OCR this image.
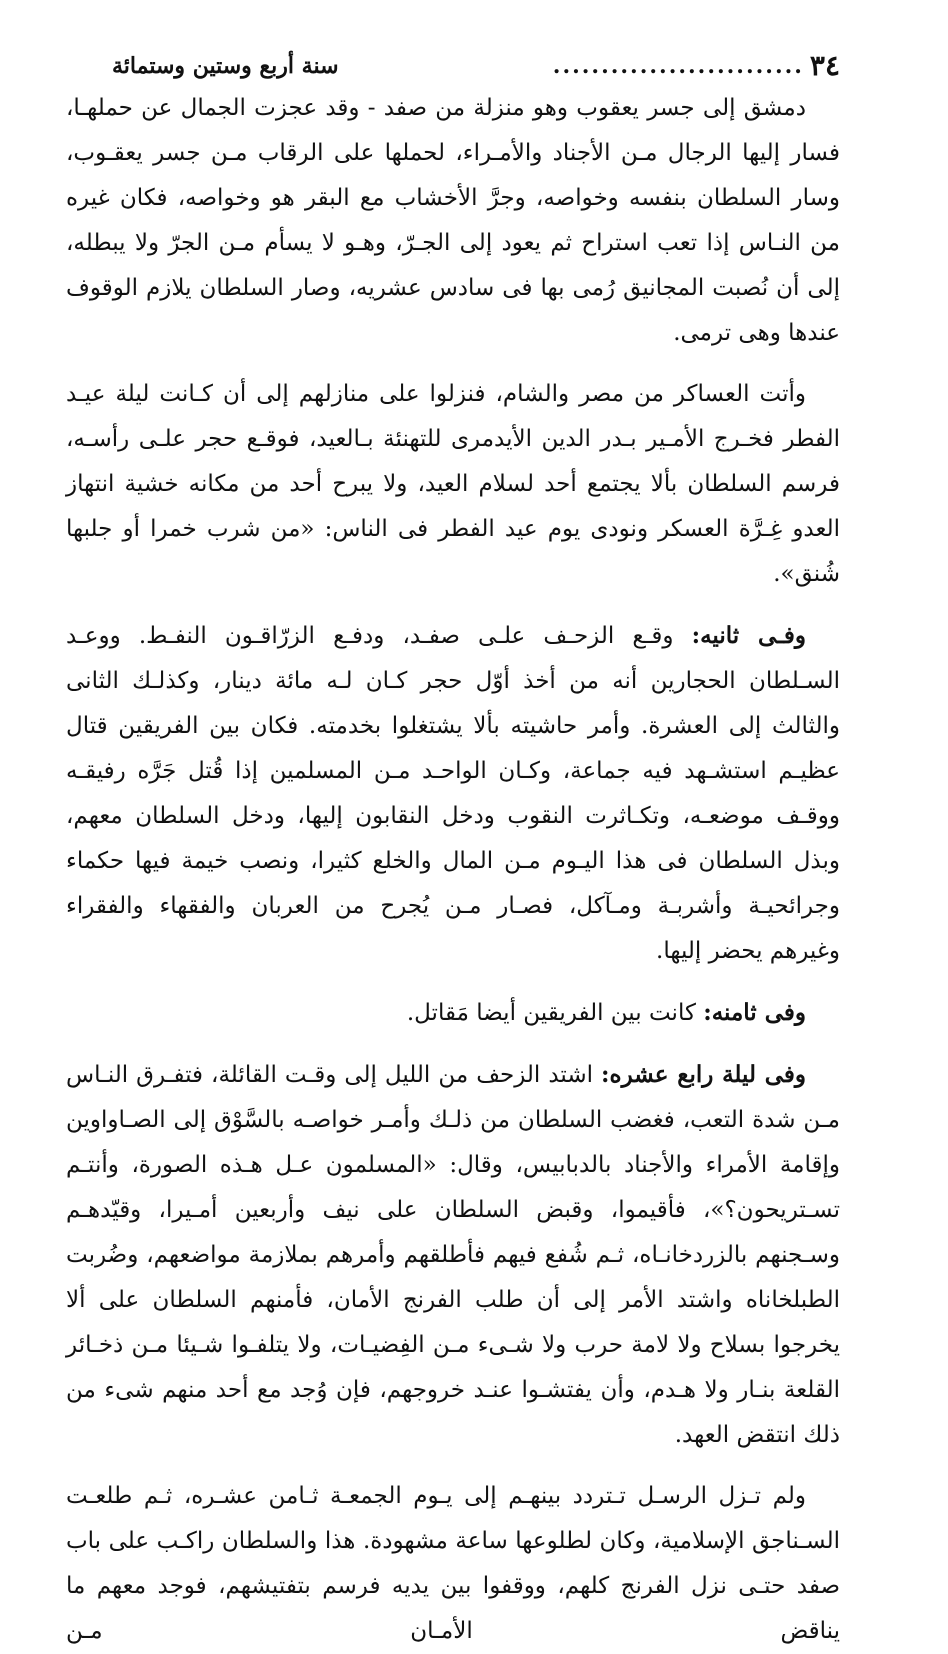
٣٤
..........................
سنة أربع وستين وستمائة

دمشق إلى جسر يعقوب وهو منزلة من صفد - وقد عجزت الجمال عن حملهـا، فسار إليها الرجال مـن الأجناد والأمـراء، لحملها على الرقاب مـن جسر يعقـوب، وسار السلطان بنفسه وخواصه، وجرَّ الأخشاب مع البقر هو وخواصه، فكان غيره من النـاس إذا تعب استراح ثم يعود إلى الجـرّ، وهـو لا يسأم مـن الجرّ ولا يبطله، إلى أن نُصبت المجانيق رُمى بها فى سادس عشريه، وصار السلطان يلازم الوقوف عندها وهى ترمى.

وأتت العساكر من مصر والشام، فنزلوا على منازلهم إلى أن كـانت ليلة عيـد الفطر فخـرج الأمـير بـدر الدين الأيدمرى للتهنئة بـالعيد، فوقـع حجر علـى رأسـه، فرسم السلطان بألا يجتمع أحد لسلام العيد، ولا يبرح أحد من مكانه خشية انتهاز العدو غِـرَّة العسكر ونودى يوم عيد الفطر فى الناس: «من شرب خمرا أو جلبها شُنق».

وفـى ثانيه: وقـع الزحـف علـى صفـد، ودفـع الزرّاقـون النفـط. ووعـد السـلطان الحجارين أنه من أخذ أوّل حجر كـان لـه مائة دينار، وكذلـك الثانى والثالث إلى العشرة. وأمر حاشيته بألا يشتغلوا بخدمته. فكان بين الفريقين قتال عظيـم استشـهد فيه جماعة، وكـان الواحـد مـن المسلمين إذا قُتل جَرَّه رفيقـه ووقـف موضعـه، وتكـاثرت النقوب ودخل النقابون إليها، ودخل السلطان معهم، وبذل السلطان فى هذا اليـوم مـن المال والخلع كثيرا، ونصب خيمة فيها حكماء وجرائحيـة وأشربـة ومـآكل، فصـار مـن يُجرح من العربان والفقهاء والفقراء وغيرهم يحضر إليها.

وفى ثامنه: كانت بين الفريقين أيضا مَقاتل.

وفى ليلة رابع عشره: اشتد الزحف من الليل إلى وقـت القائلة، فتفـرق النـاس مـن شدة التعب، فغضب السلطان من ذلـك وأمـر خواصـه بالسَّوْق إلى الصـاواوين وإقامة الأمراء والأجناد بالدبابيس، وقال: «المسلمون عـل هـذه الصورة، وأنتـم تسـتريحون؟»، فأقيموا، وقبض السلطان على نيف وأربعين أمـيرا، وقيّدهـم وسـجنهم بالزردخانـاه، ثـم شُفع فيهم فأطلقهم وأمرهم بملازمة مواضعهم، وضُربت الطبلخاناه واشتد الأمر إلى أن طلب الفرنج الأمان، فأمنهم السلطان على ألا يخرجوا بسلاح ولا لامة حرب ولا شـىء مـن الفِضيـات، ولا يتلفـوا شـيئا مـن ذخـائر القلعة بنـار ولا هـدم، وأن يفتشـوا عنـد خروجهم، فإن وُجد مع أحد منهم شىء من ذلك انتقض العهد.

ولم تـزل الرسـل تـتردد بينهـم إلى يـوم الجمعـة ثـامن عشـره، ثـم طلعـت السـناجق الإسلامية، وكان لطلوعها ساعة مشهودة. هذا والسلطان راكـب على باب صفد حتـى نزل الفرنج كلهم، ووقفوا بين يديه فرسم بتفتيشهم، فوجد معهم ما يناقض الأمـان مـن
